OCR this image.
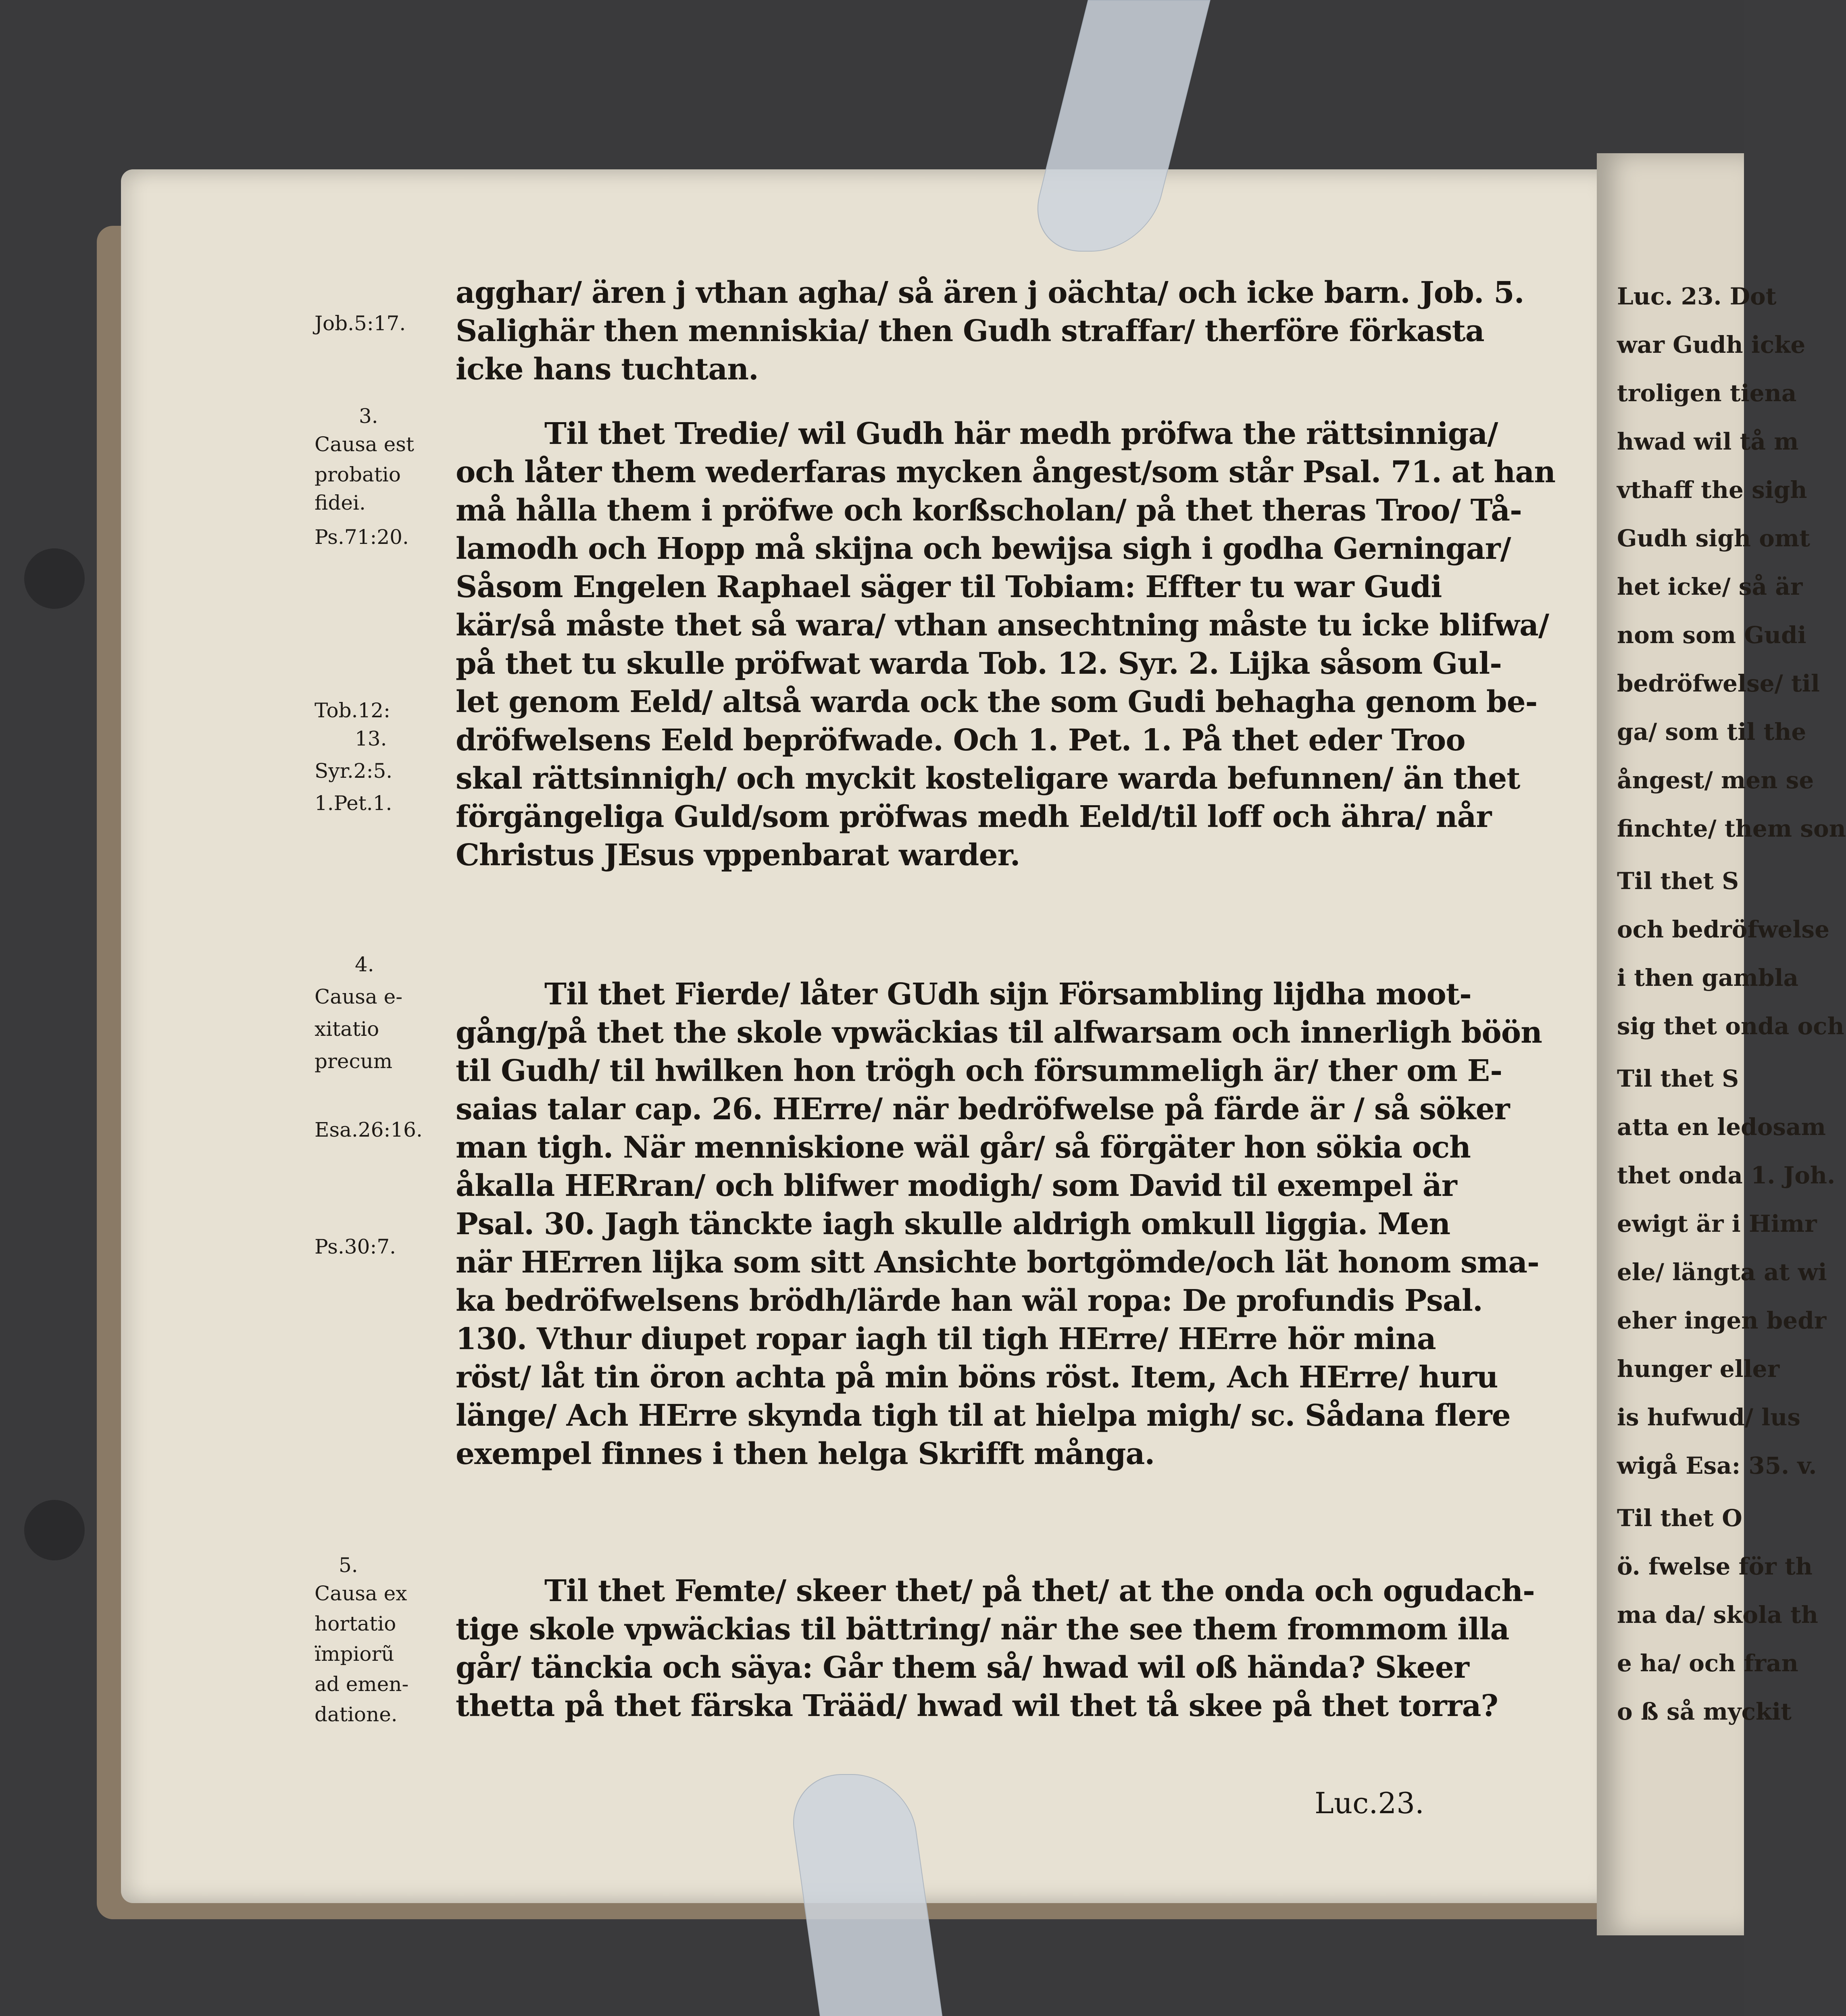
Job.5:17.
3.
Causa est
probatio
fidei.
Ps.71:20.
Tob.12:
13.
Syr.2:5.
1.Pet.1.
4.
Causa e-
xitatio
precum
Esa.26:16.
Ps.30:7.
5.
Causa ex
hortatio
ïmpiorũ
ad emen-
datione.
agghar/ ären j vthan agha/ så ären j oächta/ och icke barn. Job. 5.
Salighär then menniskia/ then Gudh straffar/ therföre förkasta
icke hans tuchtan.
Til thet Tredie/ wil Gudh här medh pröfwa the rättsinniga/
och låter them wederfaras mycken ångest/som står Psal. 71. at han
må hålla them i pröfwe och korßscholan/ på thet theras Troo/ Tå-
lamodh och Hopp må skijna och bewijsa sigh i godha Gerningar/
Såsom Engelen Raphael säger til Tobiam: Effter tu war Gudi
kär/så måste thet så wara/ vthan ansechtning måste tu icke blifwa/
på thet tu skulle pröfwat warda Tob. 12. Syr. 2. Lijka såsom Gul-
let genom Eeld/ altså warda ock the som Gudi behagha genom be-
dröfwelsens Eeld bepröfwade. Och 1. Pet. 1. På thet eder Troo
skal rättsinnigh/ och myckit kosteligare warda befunnen/ än thet
förgängeliga Guld/som pröfwas medh Eeld/til loff och ähra/ når
Christus JEsus vppenbarat warder.
Til thet Fierde/ låter GUdh sijn Försambling lijdha moot-
gång/på thet the skole vpwäckias til alfwarsam och innerligh böön
til Gudh/ til hwilken hon trögh och försummeligh är/ ther om E-
saias talar cap. 26. HErre/ när bedröfwelse på färde är / så söker
man tigh. När menniskione wäl går/ så förgäter hon sökia och
åkalla HERran/ och blifwer modigh/ som David til exempel är
Psal. 30. Jagh tänckte iagh skulle aldrigh omkull liggia. Men
när HErren lijka som sitt Ansichte bortgömde/och lät honom sma-
ka bedröfwelsens brödh/lärde han wäl ropa: De profundis Psal.
130. Vthur diupet ropar iagh til tigh HErre/ HErre hör mina
röst/ låt tin öron achta på min böns röst. Item, Ach HErre/ huru
länge/ Ach HErre skynda tigh til at hielpa migh/ sc. Sådana flere
exempel finnes i then helga Skrifft många.
Til thet Femte/ skeer thet/ på thet/ at the onda och ogudach-
tige skole vpwäckias til bättring/ när the see them frommom illa
går/ tänckia och säya: Går them så/ hwad wil oß hända? Skeer
thetta på thet färska Trääd/ hwad wil thet tå skee på thet torra?
Luc.23.
Luc. 23. Dot
war Gudh icke
troligen tiena
hwad wil tå m
vthaff the sigh
Gudh sigh omt
het icke/ så är
nom som Gudi
bedröfwelse/ til
ga/ som til the
ångest/ men se
finchte/ them son
Til thet S
och bedröfwelse
i then gambla
sig thet onda och
Til thet S
atta en ledosam
thet onda 1. Joh.
ewigt är i Himr
ele/ längta at wi
eher ingen bedr
hunger eller
is hufwud/ lus
wigå Esa: 35. v.
Til thet O
ö. fwelse för th
ma da/ skola th
e ha/ och fran
o ß så myckit
